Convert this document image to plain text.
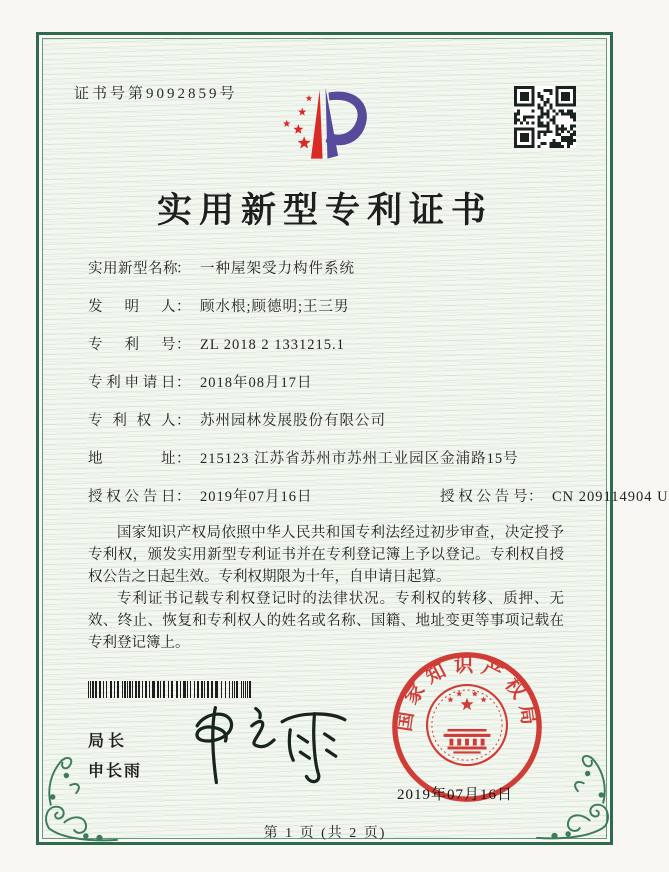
证书号第9092859号
实用新型专利证书
实用新型名称： 一种屋架受力构件系统
发明人： 顾水根;顾德明;王三男
专利号： ZL 2018 2 1331215.1
专利申请日： 2018年08月17日
专利权人： 苏州园林发展股份有限公司
地址： 215123 江苏省苏州市苏州工业园区金浦路15号
授权公告日： 2019年07月16日	授权公告号： CN 209114904 U

国家知识产权局依照中华人民共和国专利法经过初步审查，决定授予专利权，颁发实用新型专利证书并在专利登记簿上予以登记。专利权自授权公告之日起生效。专利权期限为十年，自申请日起算。

专利证书记载专利权登记时的法律状况。专利权的转移、质押、无效、终止、恢复和专利权人的姓名或名称、国籍、地址变更等事项记载在专利登记簿上。

局长
申长雨
国家知识产权局
2019年07月16日
第 1 页 (共 2 页)
